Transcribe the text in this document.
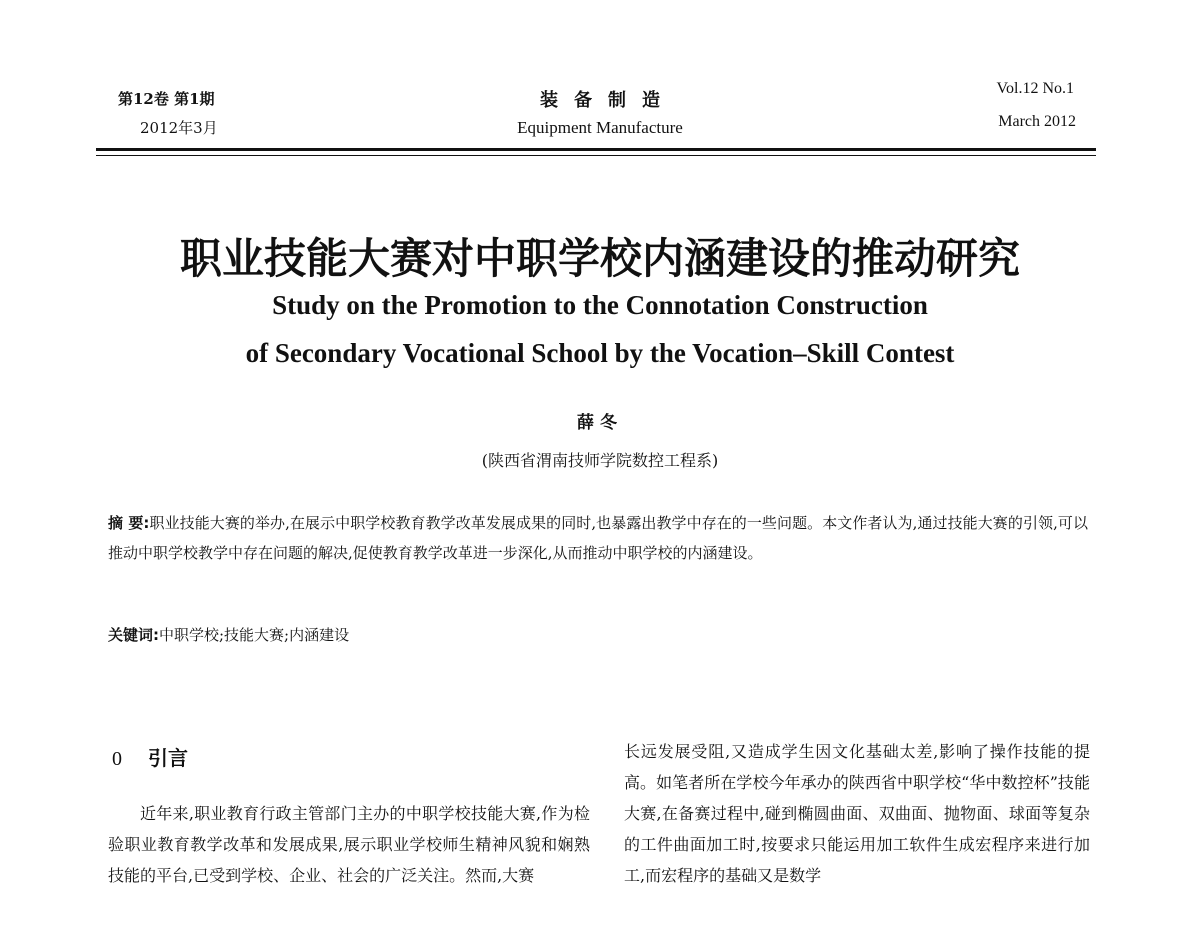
第12卷 第1期
2012年3月
装备制造
Equipment Manufacture
Vol.12 No.1
March 2012
职业技能大赛对中职学校内涵建设的推动研究
Study on the Promotion to the Connotation Construction
of Secondary Vocational School by the Vocation–Skill Contest
薛冬
(陕西省渭南技师学院数控工程系)
摘 要:职业技能大赛的举办,在展示中职学校教育教学改革发展成果的同时,也暴露出教学中存在的一些问题。本文作者认为,通过技能大赛的引领,可以推动中职学校教学中存在问题的解决,促使教育教学改革进一步深化,从而推动中职学校的内涵建设。
关键词:中职学校;技能大赛;内涵建设
0 引言

近年来,职业教育行政主管部门主办的中职学校技能大赛,作为检验职业教育教学改革和发展成果,展示职业学校师生精神风貌和娴熟技能的平台,已受到学校、企业、社会的广泛关注。然而,大赛

长远发展受阻,又造成学生因文化基础太差,影响了操作技能的提高。如笔者所在学校今年承办的陕西省中职学校“华中数控杯”技能大赛,在备赛过程中,碰到椭圆曲面、双曲面、抛物面、球面等复杂的工件曲面加工时,按要求只能运用加工软件生成宏程序来进行加工,而宏程序的基础又是数学
